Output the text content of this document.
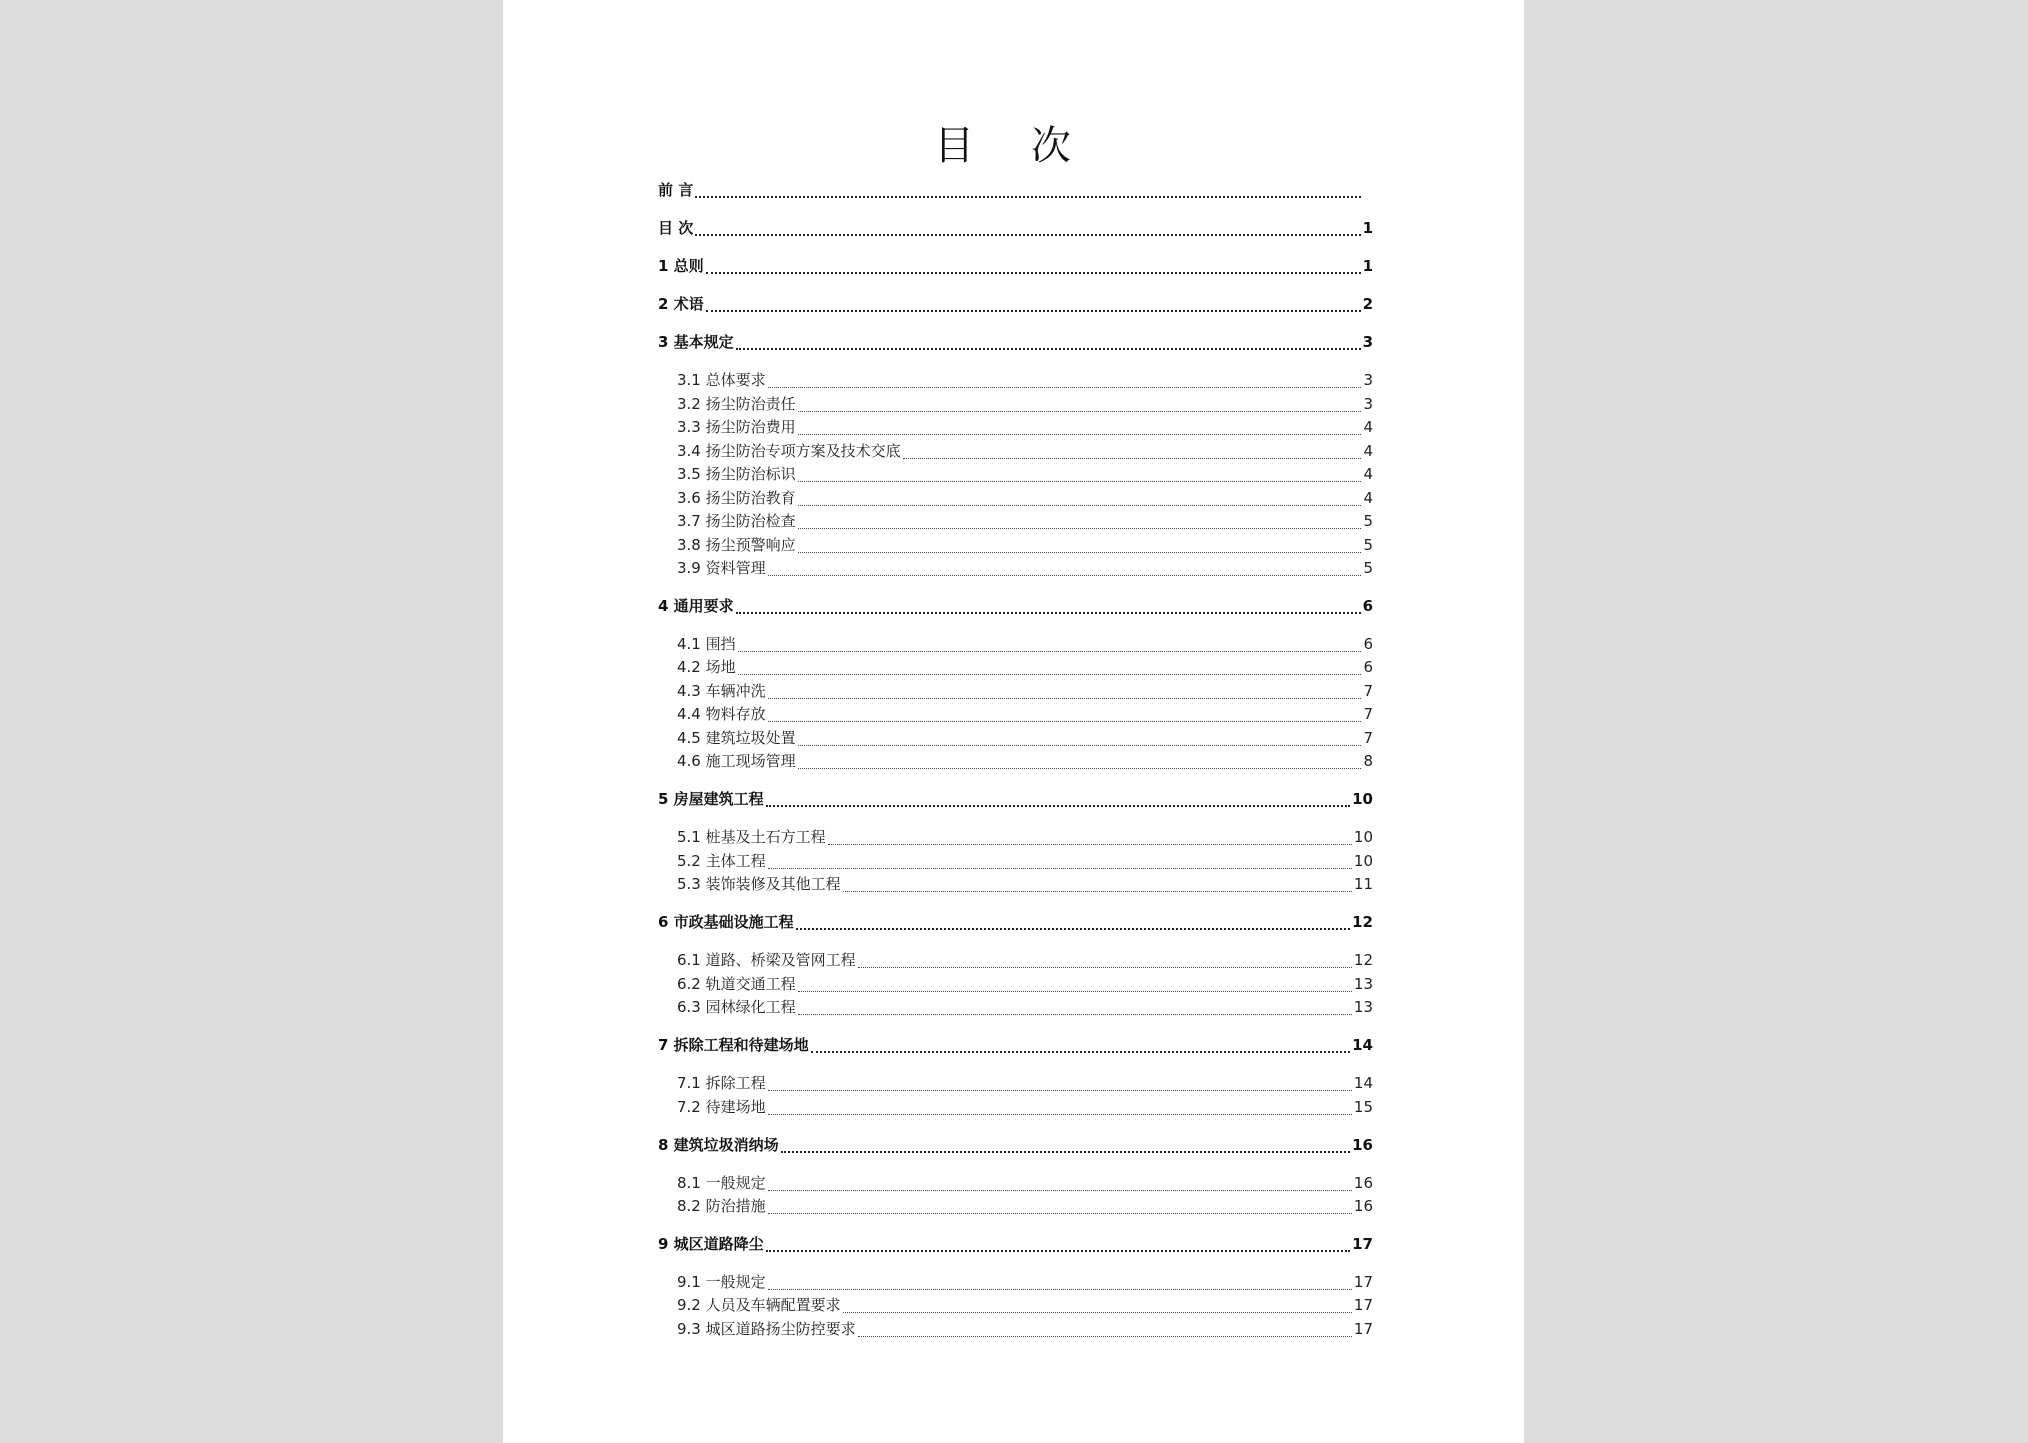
目 次
前 言
目 次	1
1 总则	1
2 术语	2
3 基本规定	3
3.1 总体要求	3
3.2 扬尘防治责任	3
3.3 扬尘防治费用	4
3.4 扬尘防治专项方案及技术交底	4
3.5 扬尘防治标识	4
3.6 扬尘防治教育	4
3.7 扬尘防治检查	5
3.8 扬尘预警响应	5
3.9 资料管理	5
4 通用要求	6
4.1 围挡	6
4.2 场地	6
4.3 车辆冲洗	7
4.4 物料存放	7
4.5 建筑垃圾处置	7
4.6 施工现场管理	8
5 房屋建筑工程	10
5.1 桩基及土石方工程	10
5.2 主体工程	10
5.3 装饰装修及其他工程	11
6 市政基础设施工程	12
6.1 道路、桥梁及管网工程	12
6.2 轨道交通工程	13
6.3 园林绿化工程	13
7 拆除工程和待建场地	14
7.1 拆除工程	14
7.2 待建场地	15
8 建筑垃圾消纳场	16
8.1 一般规定	16
8.2 防治措施	16
9 城区道路降尘	17
9.1 一般规定	17
9.2 人员及车辆配置要求	17
9.3 城区道路扬尘防控要求	17
